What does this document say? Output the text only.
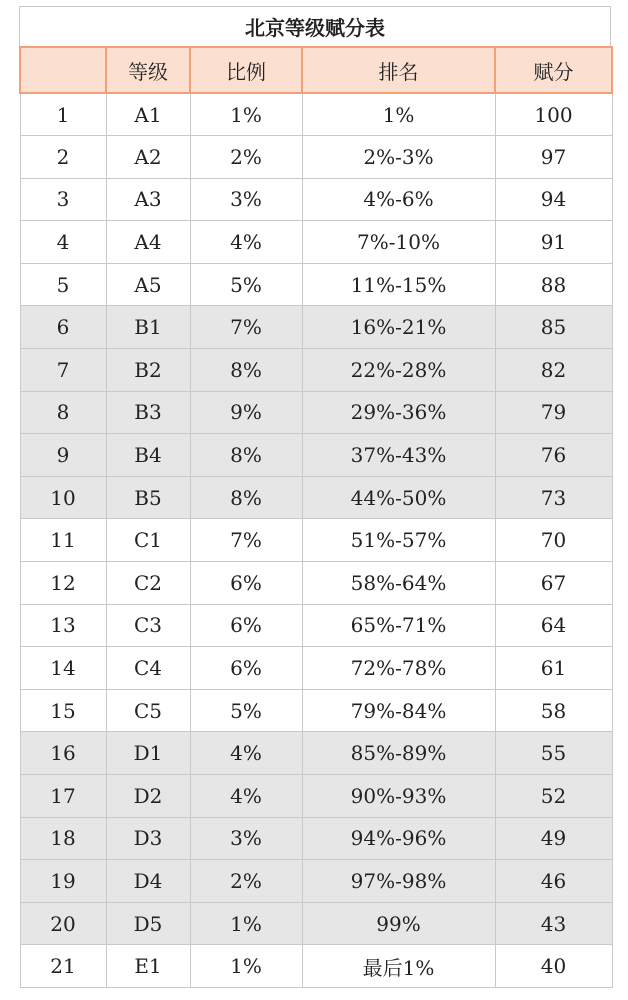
北京等级赋分表
	等级	比例	排名	赋分
1	A1	1%	1%	100
2	A2	2%	2%-3%	97
3	A3	3%	4%-6%	94
4	A4	4%	7%-10%	91
5	A5	5%	11%-15%	88
6	B1	7%	16%-21%	85
7	B2	8%	22%-28%	82
8	B3	9%	29%-36%	79
9	B4	8%	37%-43%	76
10	B5	8%	44%-50%	73
11	C1	7%	51%-57%	70
12	C2	6%	58%-64%	67
13	C3	6%	65%-71%	64
14	C4	6%	72%-78%	61
15	C5	5%	79%-84%	58
16	D1	4%	85%-89%	55
17	D2	4%	90%-93%	52
18	D3	3%	94%-96%	49
19	D4	2%	97%-98%	46
20	D5	1%	99%	43
21	E1	1%	最后1%	40
